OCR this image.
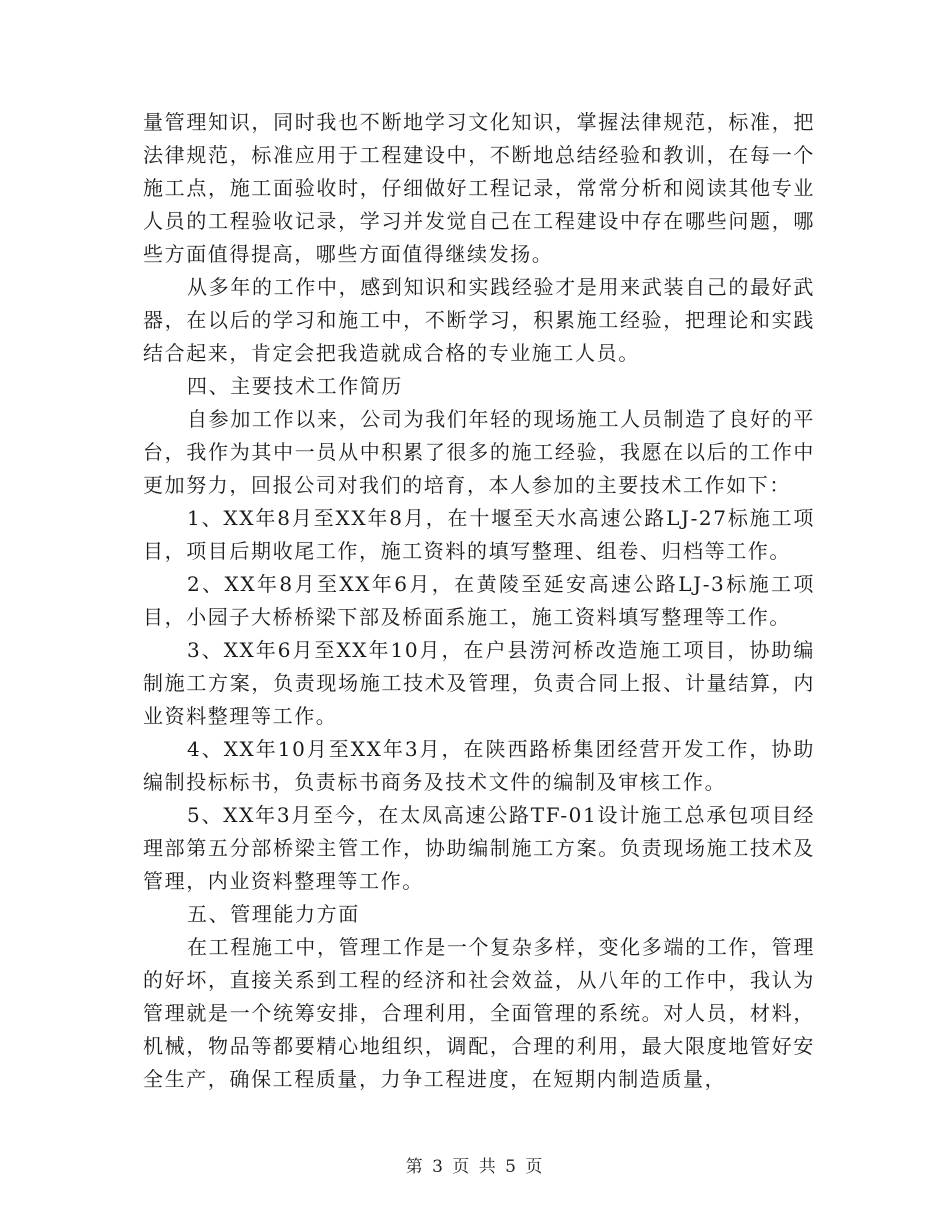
量管理知识，同时我也不断地学习文化知识，掌握法律规范，标准，把法律规范，标准应用于工程建设中，不断地总结经验和教训，在每一个施工点，施工面验收时，仔细做好工程记录，常常分析和阅读其他专业人员的工程验收记录，学习并发觉自己在工程建设中存在哪些问题，哪些方面值得提高，哪些方面值得继续发扬。

从多年的工作中，感到知识和实践经验才是用来武装自己的最好武器，在以后的学习和施工中，不断学习，积累施工经验，把理论和实践结合起来，肯定会把我造就成合格的专业施工人员。

四、主要技术工作简历

自参加工作以来，公司为我们年轻的现场施工人员制造了良好的平台，我作为其中一员从中积累了很多的施工经验，我愿在以后的工作中更加努力，回报公司对我们的培育，本人参加的主要技术工作如下：

1、XX年8月至XX年8月，在十堰至天水高速公路LJ-27标施工项目，项目后期收尾工作，施工资料的填写整理、组卷、归档等工作。

2、XX年8月至XX年6月，在黄陵至延安高速公路LJ-3标施工项目，小园子大桥桥梁下部及桥面系施工，施工资料填写整理等工作。

3、XX年6月至XX年10月，在户县涝河桥改造施工项目，协助编制施工方案，负责现场施工技术及管理，负责合同上报、计量结算，内业资料整理等工作。

4、XX年10月至XX年3月，在陕西路桥集团经营开发工作，协助编制投标标书，负责标书商务及技术文件的编制及审核工作。

5、XX年3月至今，在太凤高速公路TF-01设计施工总承包项目经理部第五分部桥梁主管工作，协助编制施工方案。负责现场施工技术及管理，内业资料整理等工作。

五、管理能力方面

在工程施工中，管理工作是一个复杂多样，变化多端的工作，管理的好坏，直接关系到工程的经济和社会效益，从八年的工作中，我认为管理就是一个统筹安排，合理利用，全面管理的系统。对人员，材料，机械，物品等都要精心地组织，调配，合理的利用，最大限度地管好安全生产，确保工程质量，力争工程进度，在短期内制造质量，

第 3 页 共 5 页
